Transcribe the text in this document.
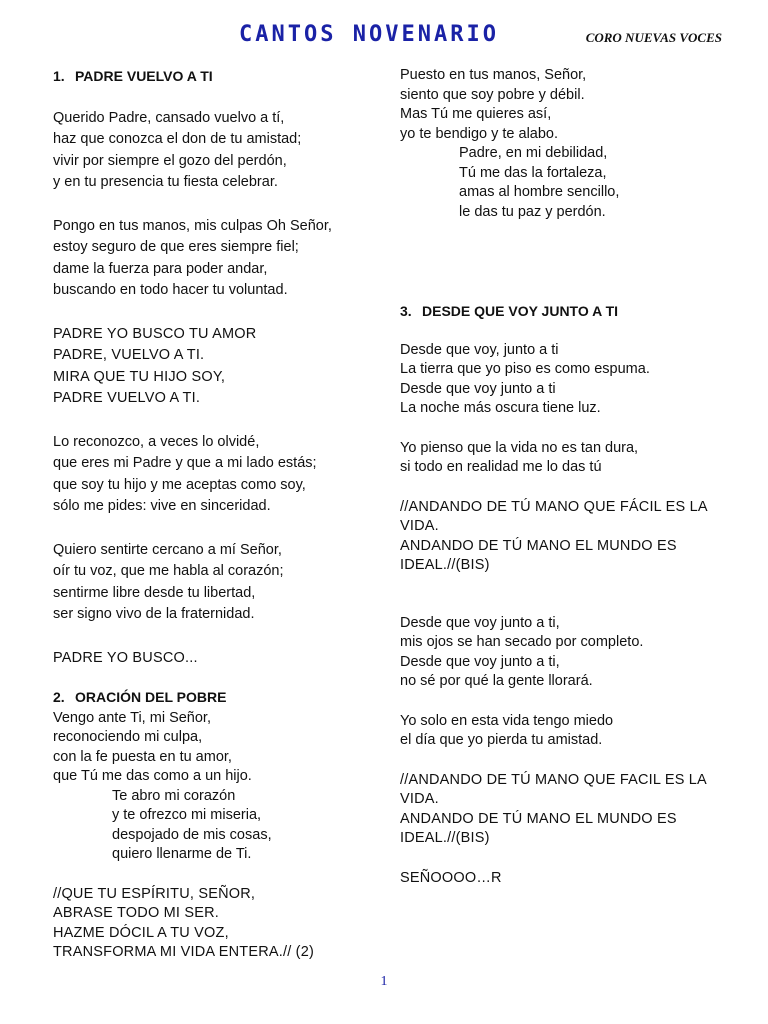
CANTOS NOVENARIO	CORO NUEVAS VOCES
1. PADRE VUELVO A TI
Querido Padre, cansado vuelvo a tí,
haz que conozca el don de tu amistad;
vivir por siempre el gozo del perdón,
y en tu presencia tu fiesta celebrar.
Pongo en tus manos, mis culpas Oh Señor,
estoy seguro de que eres siempre fiel;
dame la fuerza para poder andar,
buscando en todo hacer tu voluntad.
PADRE YO BUSCO TU AMOR
PADRE, VUELVO A TI.
MIRA QUE TU HIJO SOY,
PADRE VUELVO A TI.
Lo reconozco, a veces lo olvidé,
que eres mi Padre y que a mi lado estás;
que soy tu hijo y me aceptas como soy,
sólo me pides: vive en sinceridad.
Quiero sentirte cercano a mí Señor,
oír tu voz, que me habla al corazón;
sentirme libre desde tu libertad,
ser signo vivo de la fraternidad.
PADRE YO BUSCO...
2. ORACIÓN DEL POBRE
Vengo ante Ti, mi Señor,
reconociendo mi culpa,
con la fe puesta en tu amor,
que Tú me das como a un hijo.
Te abro mi corazón
y te ofrezco mi miseria,
despojado de mis cosas,
quiero llenarme de Ti.
//QUE TU ESPÍRITU, SEÑOR,
ABRASE TODO MI SER.
HAZME DÓCIL A TU VOZ,
TRANSFORMA MI VIDA ENTERA.// (2)
Puesto en tus manos, Señor,
siento que soy pobre y débil.
Mas Tú me quieres así,
yo te bendigo y te alabo.
Padre, en mi debilidad,
Tú me das la fortaleza,
amas al hombre sencillo,
le das tu paz y perdón.
3. DESDE QUE VOY JUNTO A TI
Desde que voy, junto a ti
La tierra que yo piso es como espuma.
Desde que voy junto a ti
La noche más oscura tiene luz.
Yo pienso que la vida no es tan dura,
si todo en realidad me lo das tú
//ANDANDO DE TÚ MANO QUE FÁCIL ES LA
VIDA.
ANDANDO DE TÚ MANO EL MUNDO ES
IDEAL.//(BIS)
Desde que voy junto a ti,
mis ojos se han secado por completo.
Desde que voy junto a ti,
no sé por qué la gente llorará.
Yo solo en esta vida tengo miedo
el día que yo pierda tu amistad.
//ANDANDO DE TÚ MANO QUE FACIL ES LA
VIDA.
ANDANDO DE TÚ MANO EL MUNDO ES
IDEAL.//(BIS)
SEÑOOOO…R
1
